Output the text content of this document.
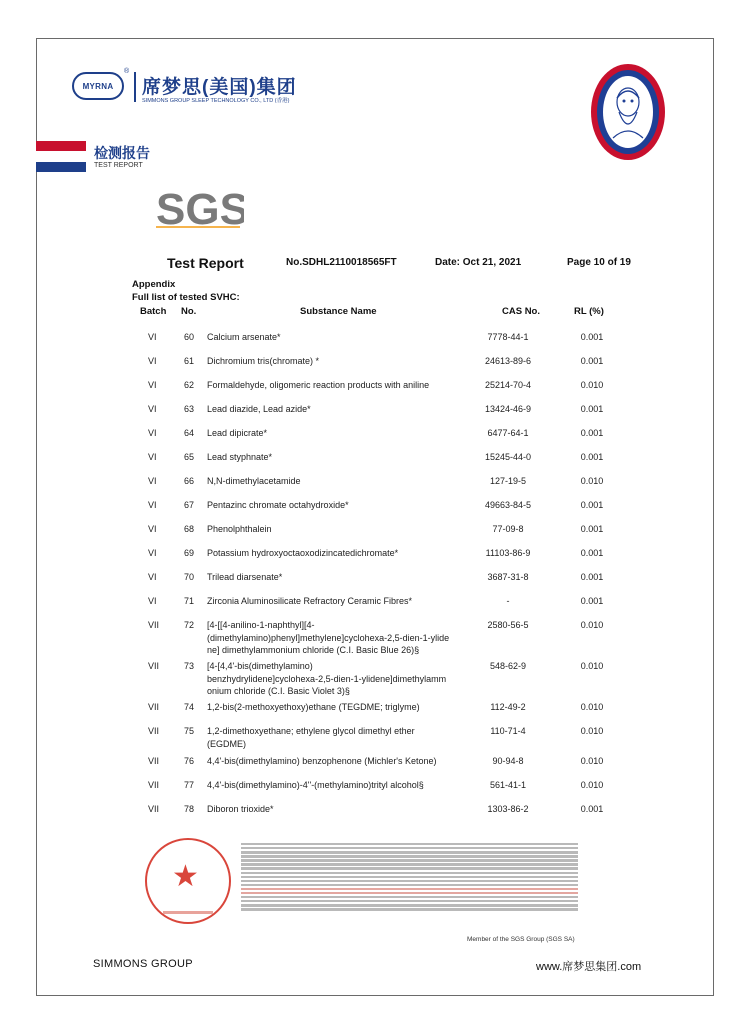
MYRNA
®
席梦思(美国)集团
SIMMONS GROUP SLEEP TECHNOLOGY CO., LTD (香港)
检测报告
TEST REPORT
SGS
Test Report	No.SDHL2110018565FT	Date: Oct 21, 2021	Page 10 of 19
Appendix
Full list of tested SVHC:
Batch No.	Substance Name	CAS No.	RL (%)
VI	60 Calcium arsenate*	7778-44-1	0.001
VI	61 Dichromium tris(chromate) *	24613-89-6	0.001
VI	62 Formaldehyde, oligomeric reaction products with aniline	25214-70-4	0.010
VI	63 Lead diazide, Lead azide*	13424-46-9	0.001
VI	64 Lead dipicrate*	6477-64-1	0.001
VI	65 Lead styphnate*	15245-44-0	0.001
VI	66 N,N-dimethylacetamide	127-19-5	0.010
VI	67 Pentazinc chromate octahydroxide*	49663-84-5	0.001
VI	68 Phenolphthalein	77-09-8	0.001
VI	69 Potassium hydroxyoctaoxodizincatedichromate*	11103-86-9	0.001
VI	70 Trilead diarsenate*	3687-31-8	0.001
VI	71 Zirconia Aluminosilicate Refractory Ceramic Fibres*	-	0.001
VII	72 [4-[[4-anilino-1-naphthyl][4-
(dimethylamino)phenyl]methylene]cyclohexa-2,5-dien-1-ylide
ne] dimethylammonium chloride (C.I. Basic Blue 26)§
2580-56-5	0.010
VII	73 [4-[4,4'-bis(dimethylamino)
benzhydrylidene]cyclohexa-2,5-dien-1-ylidene]dimethylamm
onium chloride (C.I. Basic Violet 3)§
548-62-9	0.010
VII	74 1,2-bis(2-methoxyethoxy)ethane (TEGDME; triglyme)	112-49-2	0.010
VII	75 1,2-dimethoxyethane; ethylene glycol dimethyl ether
(EGDME)
110-71-4	0.010
VII	76 4,4'-bis(dimethylamino) benzophenone (Michler's Ketone)	90-94-8	0.010
VII	77 4,4'-bis(dimethylamino)-4''-(methylamino)trityl alcohol§	561-41-1	0.010
VII	78 Diboron trioxide*	1303-86-2	0.001
★
Member of the SGS Group (SGS SA)
SIMMONS GROUP	www.席梦思集团.com
